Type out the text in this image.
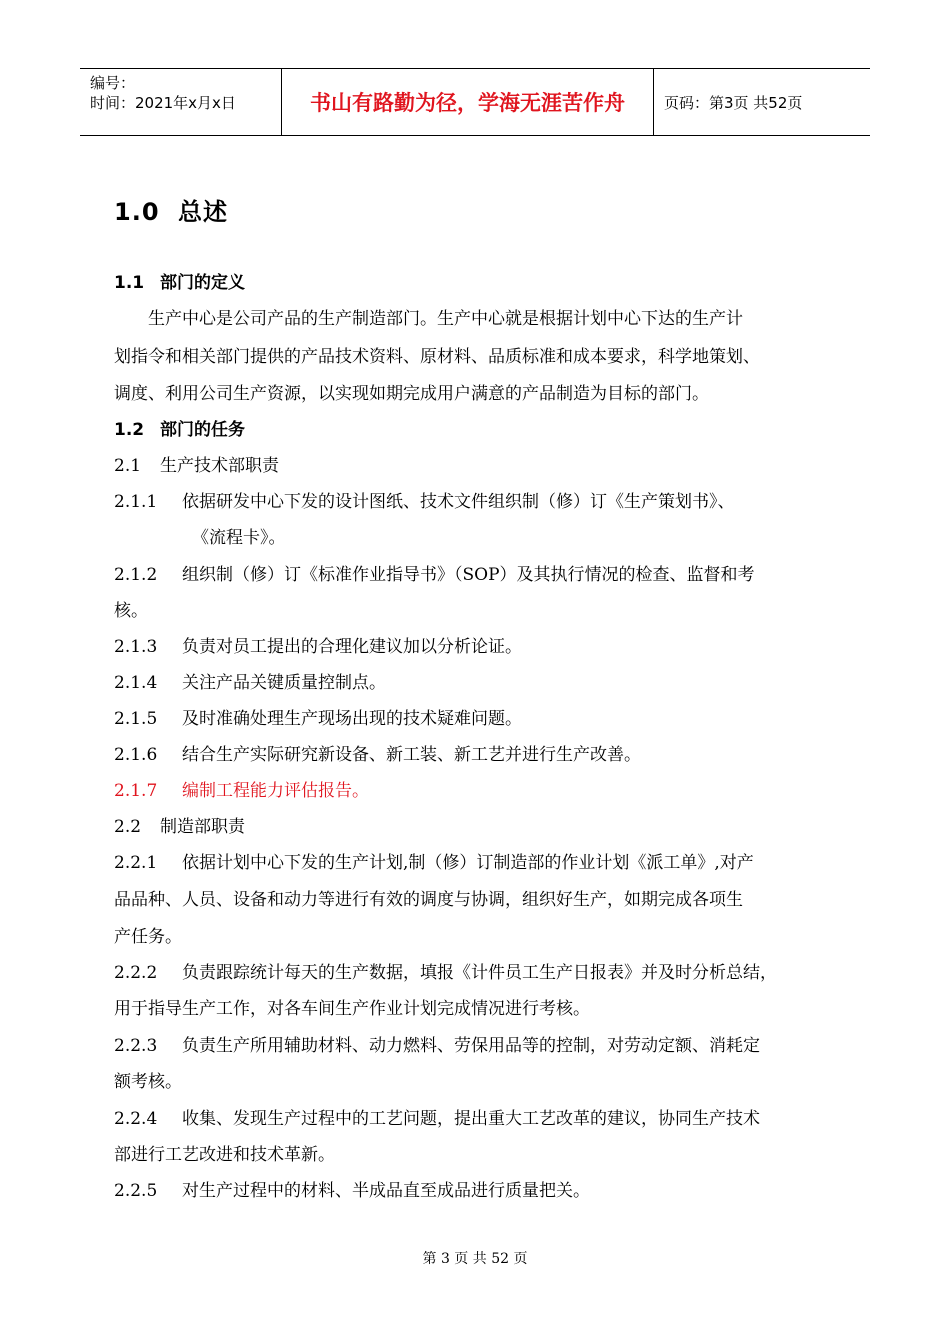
编号：
时间：2021年x月x日	书山有路勤为径，学海无涯苦作舟	页码：第3页 共52页
1.0 总述
1.1 部门的定义
生产中心是公司产品的生产制造部门。生产中心就是根据计划中心下达的生产计
划指令和相关部门提供的产品技术资料、原材料、品质标准和成本要求，科学地策划、
调度、利用公司生产资源，以实现如期完成用户满意的产品制造为目标的部门。
1.2 部门的任务
2.1 生产技术部职责
2.1.1 依据研发中心下发的设计图纸、技术文件组织制（修）订《生产策划书》、
《流程卡》。
2.1.2 组织制（修）订《标准作业指导书》（SOP）及其执行情况的检查、监督和考
核。
2.1.3 负责对员工提出的合理化建议加以分析论证。
2.1.4 关注产品关键质量控制点。
2.1.5 及时准确处理生产现场出现的技术疑难问题。
2.1.6 结合生产实际研究新设备、新工装、新工艺并进行生产改善。
2.1.7 编制工程能力评估报告。
2.2 制造部职责
2.2.1 依据计划中心下发的生产计划,制（修）订制造部的作业计划《派工单》,对产
品品种、人员、设备和动力等进行有效的调度与协调，组织好生产，如期完成各项生
产任务。
2.2.2 负责跟踪统计每天的生产数据，填报《计件员工生产日报表》并及时分析总结，
用于指导生产工作，对各车间生产作业计划完成情况进行考核。
2.2.3 负责生产所用辅助材料、动力燃料、劳保用品等的控制，对劳动定额、消耗定
额考核。
2.2.4 收集、发现生产过程中的工艺问题，提出重大工艺改革的建议，协同生产技术
部进行工艺改进和技术革新。
2.2.5 对生产过程中的材料、半成品直至成品进行质量把关。
第 3 页 共 52 页
